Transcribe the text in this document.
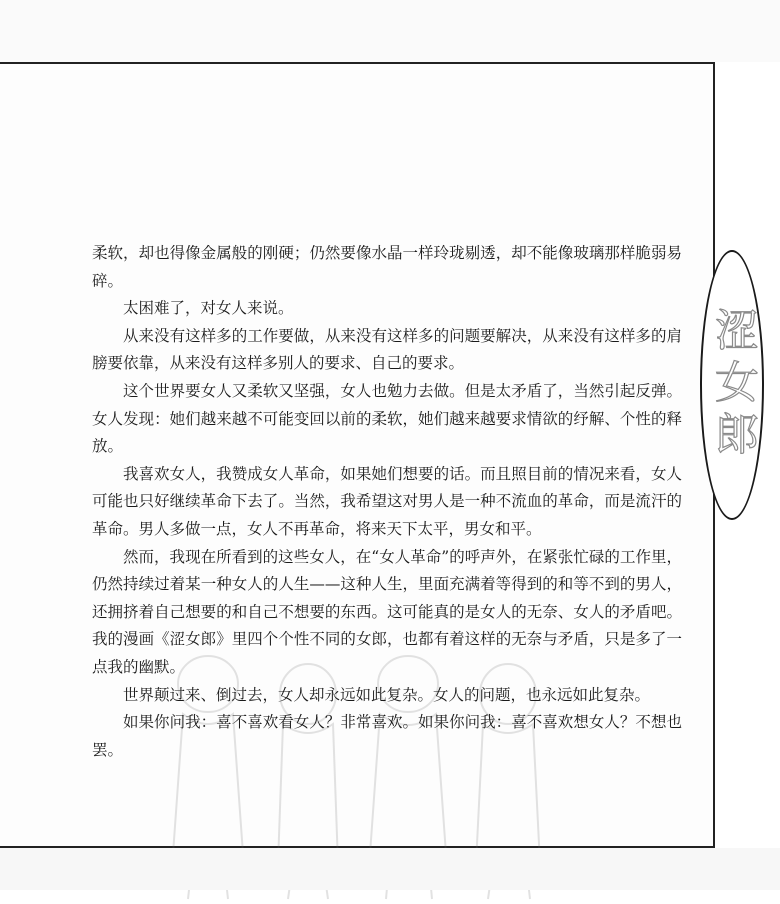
涩女郎

柔软，却也得像金属般的刚硬；仍然要像水晶一样玲珑剔透，却不能像玻璃那样脆弱易碎。

太困难了，对女人来说。

从来没有这样多的工作要做，从来没有这样多的问题要解决，从来没有这样多的肩膀要依靠，从来没有这样多别人的要求、自己的要求。

这个世界要女人又柔软又坚强，女人也勉力去做。但是太矛盾了，当然引起反弹。女人发现：她们越来越不可能变回以前的柔软，她们越来越要求情欲的纾解、个性的释放。

我喜欢女人，我赞成女人革命，如果她们想要的话。而且照目前的情况来看，女人可能也只好继续革命下去了。当然，我希望这对男人是一种不流血的革命，而是流汗的革命。男人多做一点，女人不再革命，将来天下太平，男女和平。

然而，我现在所看到的这些女人，在“女人革命”的呼声外，在紧张忙碌的工作里，仍然持续过着某一种女人的人生——这种人生，里面充满着等得到的和等不到的男人，还拥挤着自己想要的和自己不想要的东西。这可能真的是女人的无奈、女人的矛盾吧。我的漫画《涩女郎》里四个个性不同的女郎，也都有着这样的无奈与矛盾，只是多了一点我的幽默。

世界颠过来、倒过去，女人却永远如此复杂。女人的问题，也永远如此复杂。

如果你问我：喜不喜欢看女人？非常喜欢。如果你问我：喜不喜欢想女人？不想也罢。
